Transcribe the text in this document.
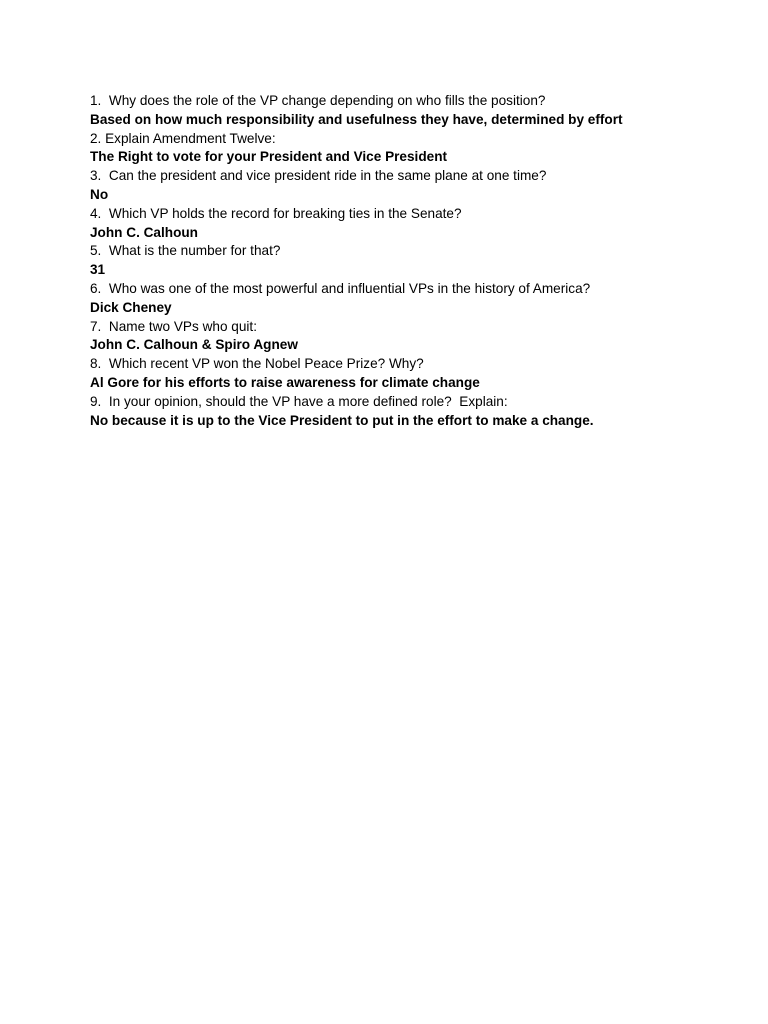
1.  Why does the role of the VP change depending on who fills the position?
Based on how much responsibility and usefulness they have, determined by effort
2. Explain Amendment Twelve:
The Right to vote for your President and Vice President
3.  Can the president and vice president ride in the same plane at one time?
No
4.  Which VP holds the record for breaking ties in the Senate?
John C. Calhoun
5.  What is the number for that?
31
6.  Who was one of the most powerful and influential VPs in the history of America?
Dick Cheney
7.  Name two VPs who quit:
John C. Calhoun & Spiro Agnew
8.  Which recent VP won the Nobel Peace Prize? Why?
Al Gore for his efforts to raise awareness for climate change
9.  In your opinion, should the VP have a more defined role?  Explain:
No because it is up to the Vice President to put in the effort to make a change.
